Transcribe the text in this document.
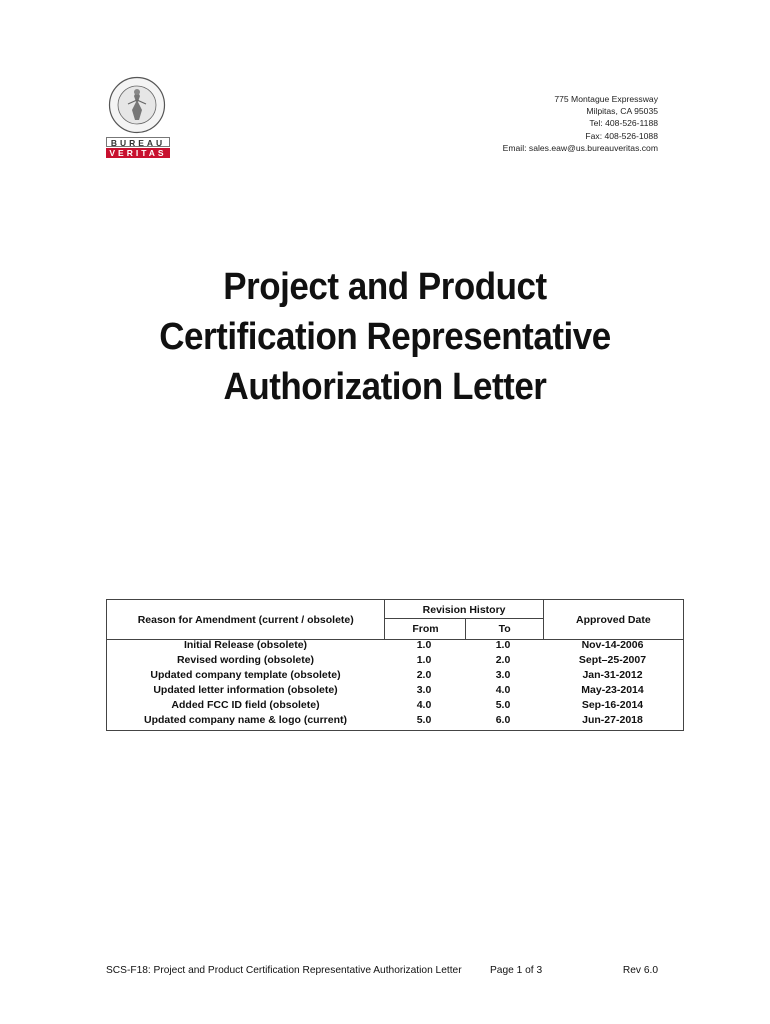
BUREAU
VERITAS
775 Montague Expressway
Milpitas, CA 95035
Tel: 408-526-1188
Fax: 408-526-1088
Email: sales.eaw@us.bureauveritas.com
Project and Product
Certification Representative
Authorization Letter
Reason for Amendment (current / obsolete)	
Revision History
From	To
	Approved Date

Initial Release (obsolete)	1.0	1.0	Nov-14-2006
Revised wording (obsolete)	1.0	2.0	Sept–25-2007
Updated company template (obsolete)	2.0	3.0	Jan-31-2012
Updated letter information (obsolete)	3.0	4.0	May-23-2014
Added FCC ID field (obsolete)	4.0	5.0	Sep-16-2014
Updated company name & logo (current)	5.0	6.0	Jun-27-2018
SCS-F18: Project and Product Certification Representative Authorization Letter	Page 1 of 3	Rev 6.0
